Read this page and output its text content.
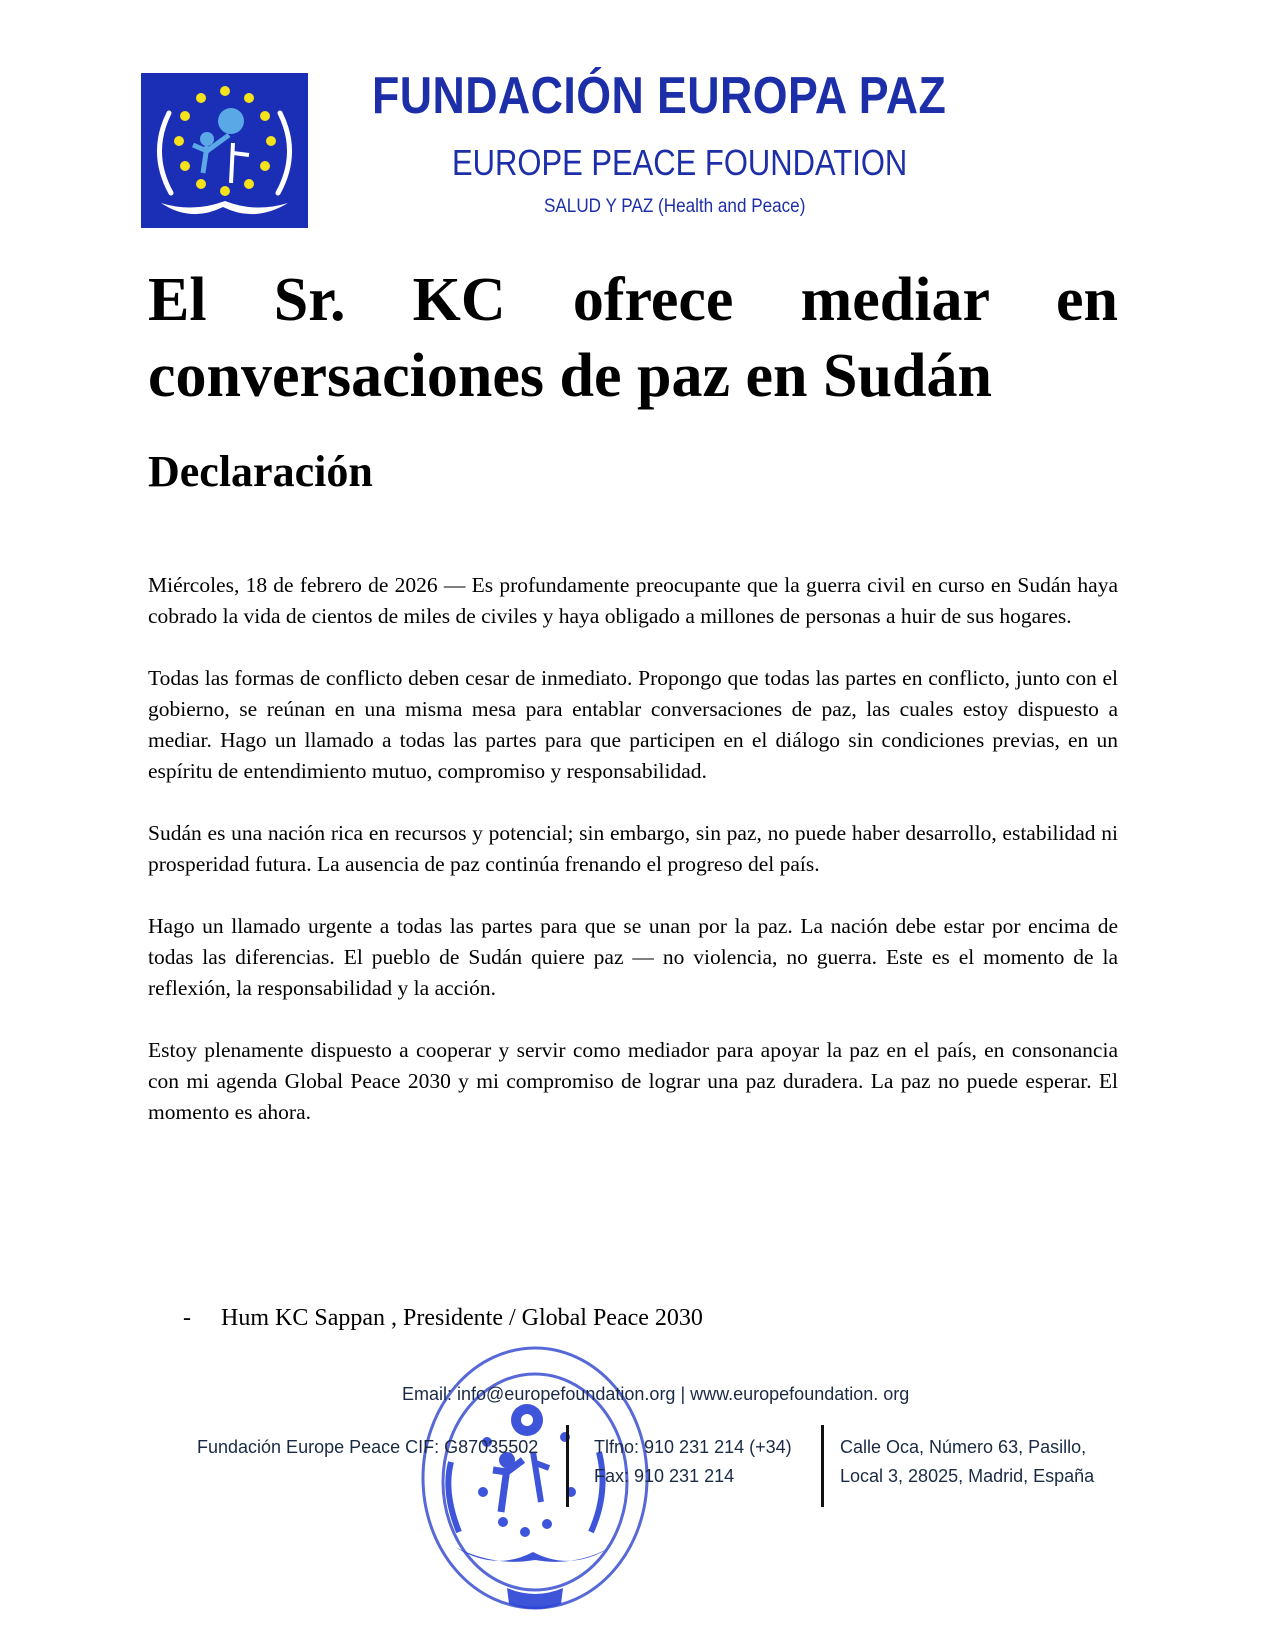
FUNDACIÓN EUROPA PAZ
EUROPE PEACE FOUNDATION
SALUD Y PAZ (Health and Peace)
El Sr. KC ofrece mediar en
conversaciones de paz en Sudán
Declaración

Miércoles, 18 de febrero de 2026 — Es profundamente preocupante que la guerra civil en curso en Sudán haya cobrado la vida de cientos de miles de civiles y haya obligado a millones de personas a huir de sus hogares.

Todas las formas de conflicto deben cesar de inmediato. Propongo que todas las partes en conflicto, junto con el gobierno, se reúnan en una misma mesa para entablar conversaciones de paz, las cuales estoy dispuesto a mediar. Hago un llamado a todas las partes para que participen en el diálogo sin condiciones previas, en un espíritu de entendimiento mutuo, compromiso y responsabilidad.

Sudán es una nación rica en recursos y potencial; sin embargo, sin paz, no puede haber desarrollo, estabilidad ni prosperidad futura. La ausencia de paz continúa frenando el progreso del país.

Hago un llamado urgente a todas las partes para que se unan por la paz. La nación debe estar por encima de todas las diferencias. El pueblo de Sudán quiere paz — no violencia, no guerra. Este es el momento de la reflexión, la responsabilidad y la acción.

Estoy plenamente dispuesto a cooperar y servir como mediador para apoyar la paz en el país, en consonancia con mi agenda Global Peace 2030 y mi compromiso de lograr una paz duradera. La paz no puede esperar. El momento es ahora.

- Hum KC Sappan , Presidente / Global Peace 2030
Email: info@europefoundation.org | www.europefoundation. org
Fundación Europe Peace CIF: G87035502	Tlfno: 910 231 214 (+34)
Fax: 910 231 214
Calle Oca, Número 63, Pasillo,
Local 3, 28025, Madrid, España
